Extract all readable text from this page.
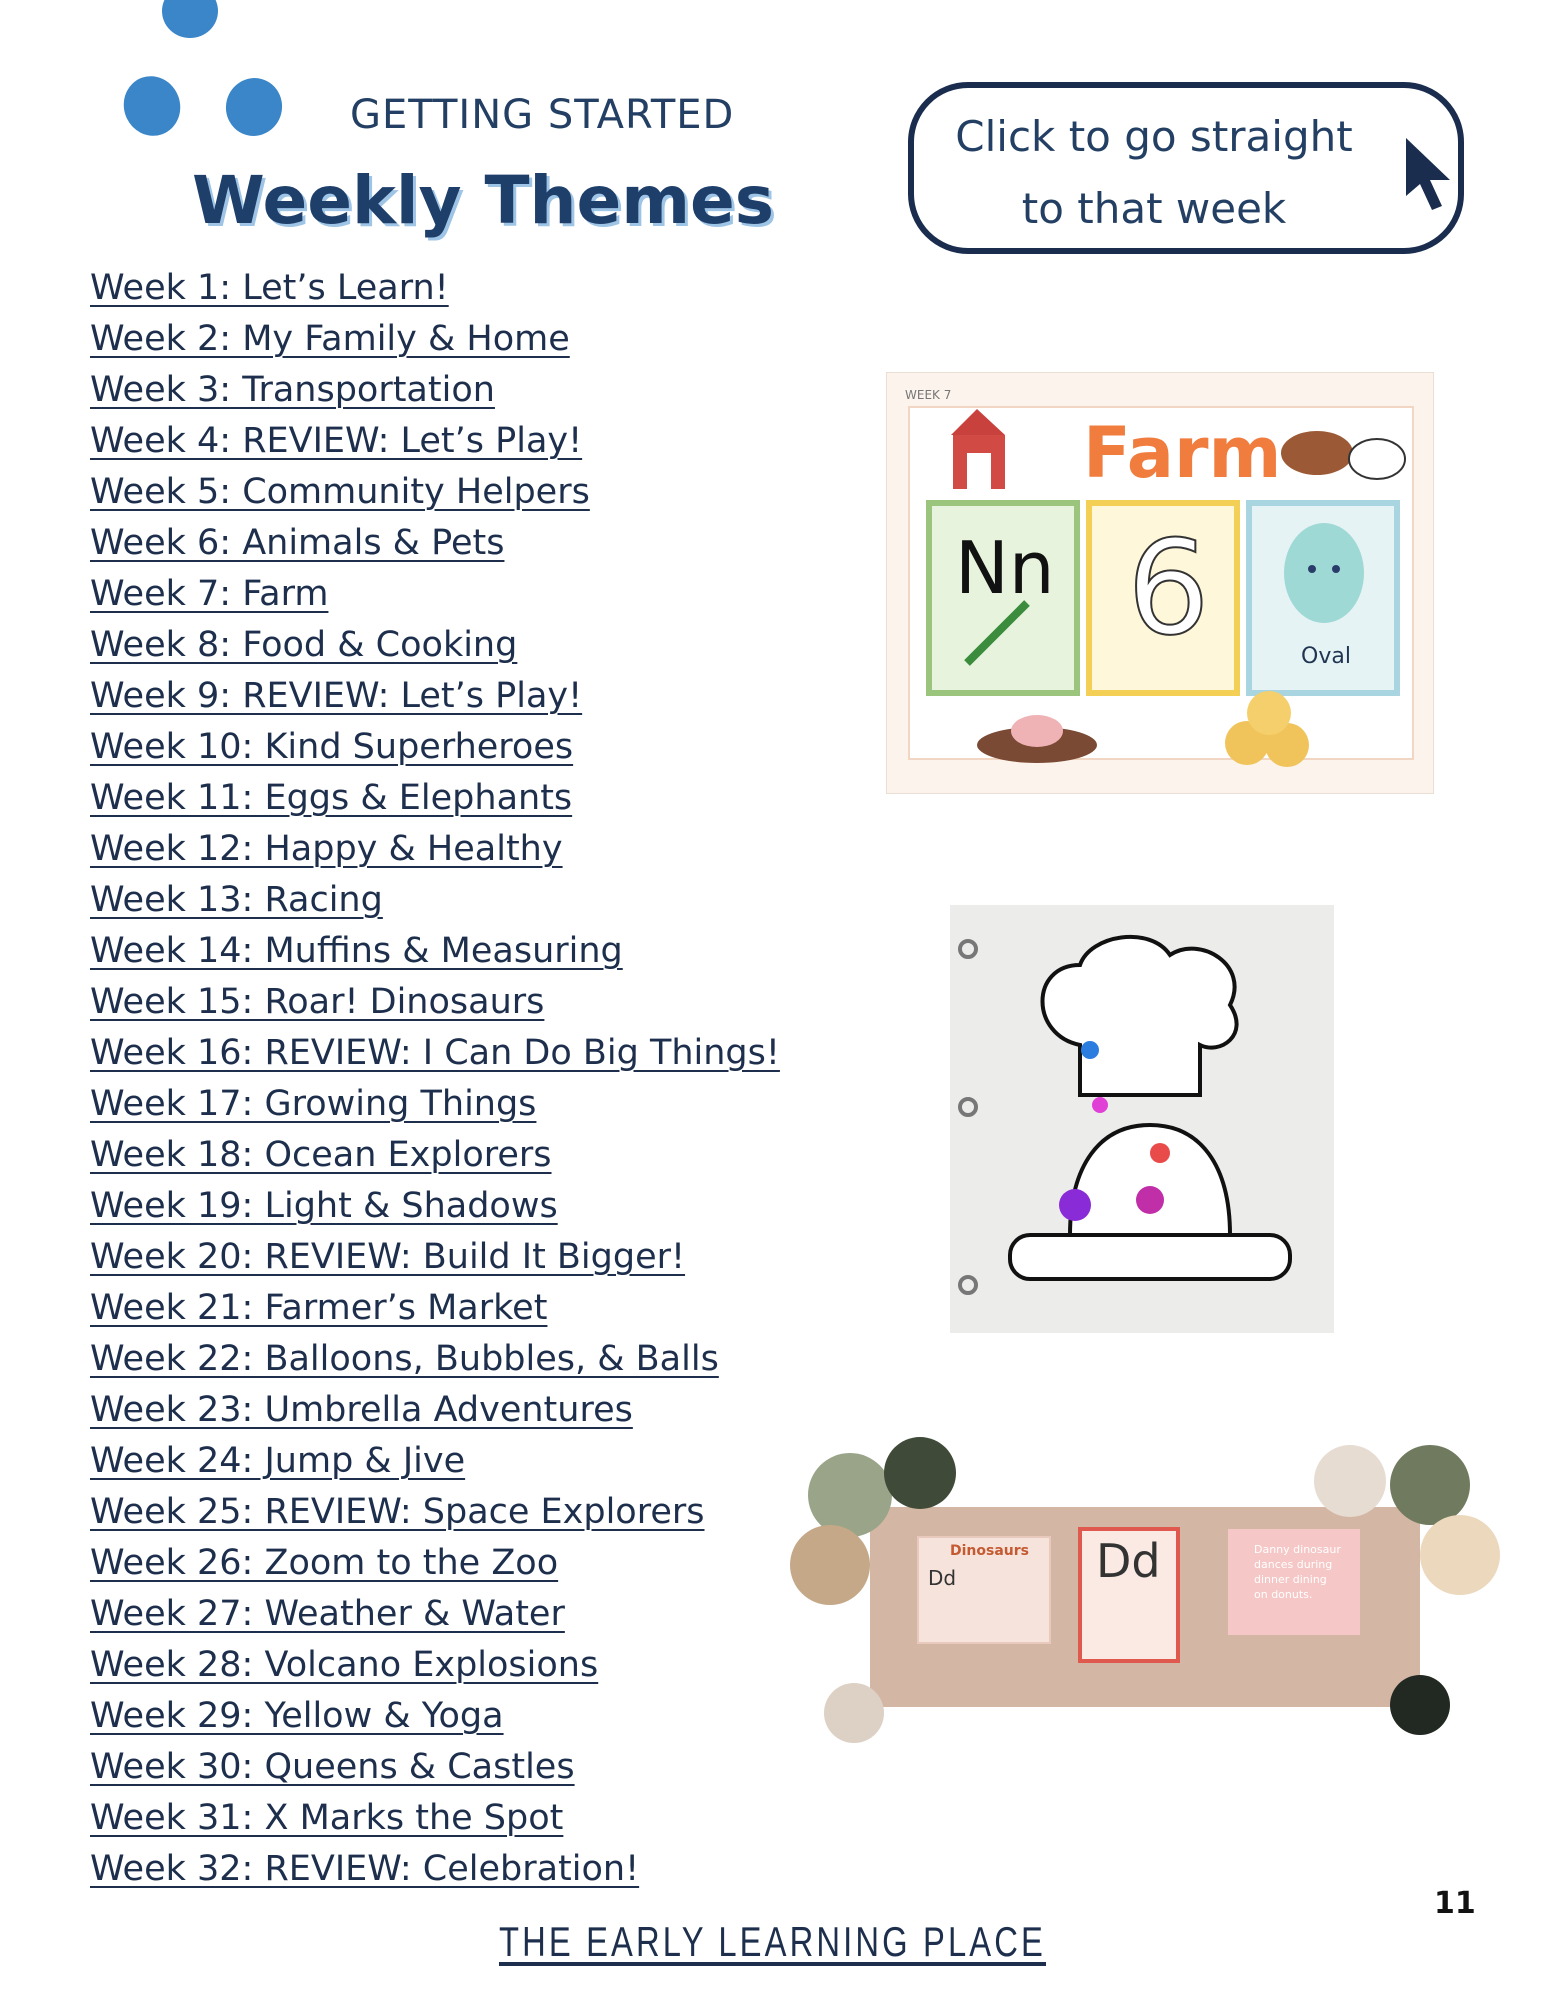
GETTING STARTED
Weekly Themes
Click to go straight
to that week
Week 1: Let’s Learn!
Week 2: My Family & Home
Week 3: Transportation
Week 4: REVIEW: Let’s Play!
Week 5: Community Helpers
Week 6: Animals & Pets
Week 7: Farm
Week 8: Food & Cooking
Week 9: REVIEW: Let’s Play!
Week 10: Kind Superheroes
Week 11: Eggs & Elephants
Week 12: Happy & Healthy
Week 13: Racing
Week 14: Muffins & Measuring
Week 15: Roar! Dinosaurs
Week 16: REVIEW: I Can Do Big Things!
Week 17: Growing Things
Week 18: Ocean Explorers
Week 19: Light & Shadows
Week 20: REVIEW: Build It Bigger!
Week 21: Farmer’s Market
Week 22: Balloons, Bubbles, & Balls
Week 23: Umbrella Adventures
Week 24: Jump & Jive
Week 25: REVIEW: Space Explorers
Week 26: Zoom to the Zoo
Week 27: Weather & Water
Week 28: Volcano Explosions
Week 29: Yellow & Yoga
Week 30: Queens & Castles
Week 31: X Marks the Spot
Week 32: REVIEW: Celebration!
WEEK 7
Farm
Nn 6	Oval
Dinosaurs
Dd	Dd	Danny dinosaur
dances during
dinner dining
on donuts.
11
THE EARLY LEARNING PLACE
